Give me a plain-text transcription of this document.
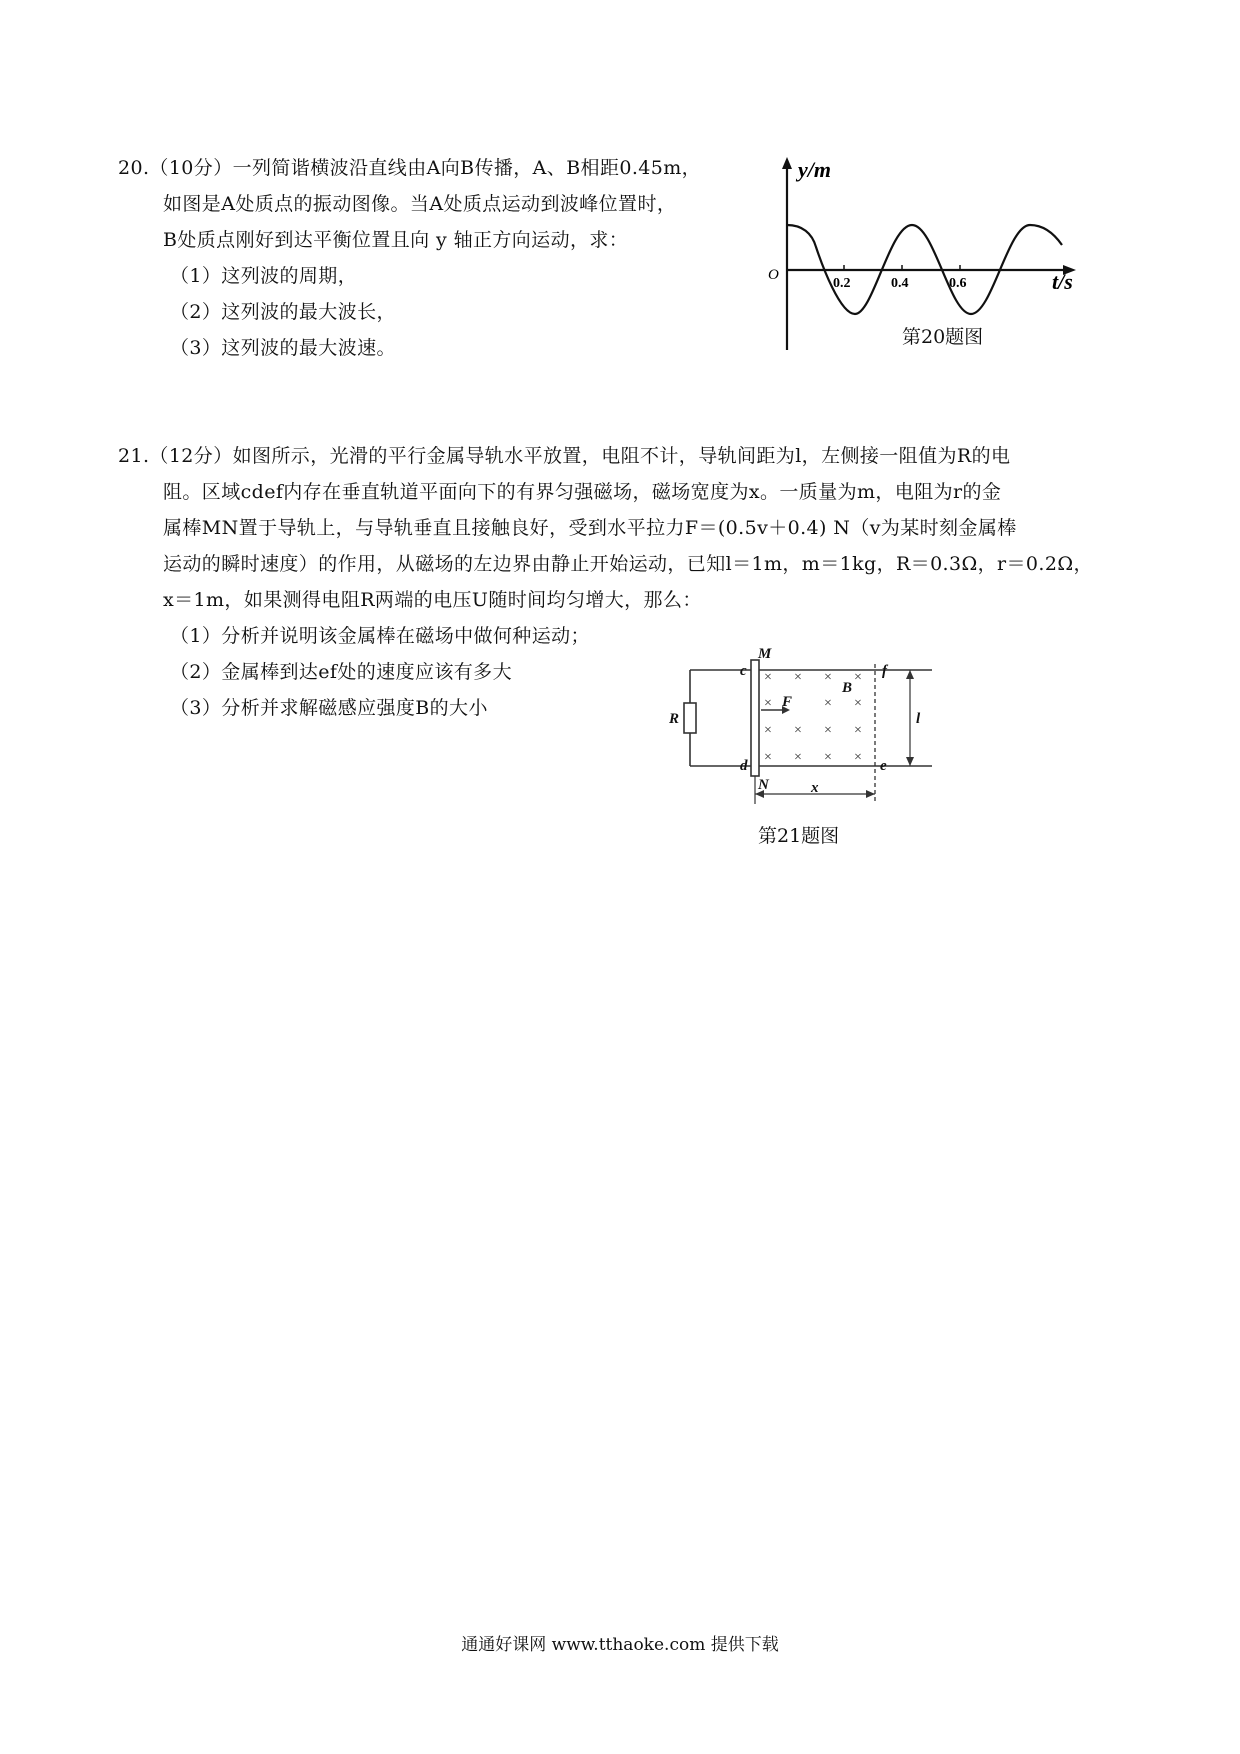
20.（10分）一列简谐横波沿直线由A向B传播，A、B相距0.45m，
如图是A处质点的振动图像。当A处质点运动到波峰位置时，
B处质点刚好到达平衡位置且向 y 轴正方向运动，求：
（1）这列波的周期，
（2）这列波的最大波长，
（3）这列波的最大波速。
y/m
t/s
O
0.2	0.4	0.6
第20题图
21.（12分）如图所示，光滑的平行金属导轨水平放置，电阻不计，导轨间距为l，左侧接一阻值为R的电
阻。区域cdef内存在垂直轨道平面向下的有界匀强磁场，磁场宽度为x。一质量为m，电阻为r的金
属棒MN置于导轨上，与导轨垂直且接触良好，受到水平拉力F＝(0.5v＋0.4) N（v为某时刻金属棒
运动的瞬时速度）的作用，从磁场的左边界由静止开始运动，已知l＝1m，m＝1kg，R＝0.3Ω，r＝0.2Ω，
x＝1m，如果测得电阻R两端的电压U随时间均匀增大，那么：
（1）分析并说明该金属棒在磁场中做何种运动；
（2）金属棒到达ef处的速度应该有多大
（3）分析并求解磁感应强度B的大小
× × × ×
×	× ×
× × × ×
× × × ×
M
N
c
d
f
e
R
B
F
l
x
第21题图
通通好课网 www.tthaoke.com 提供下载
